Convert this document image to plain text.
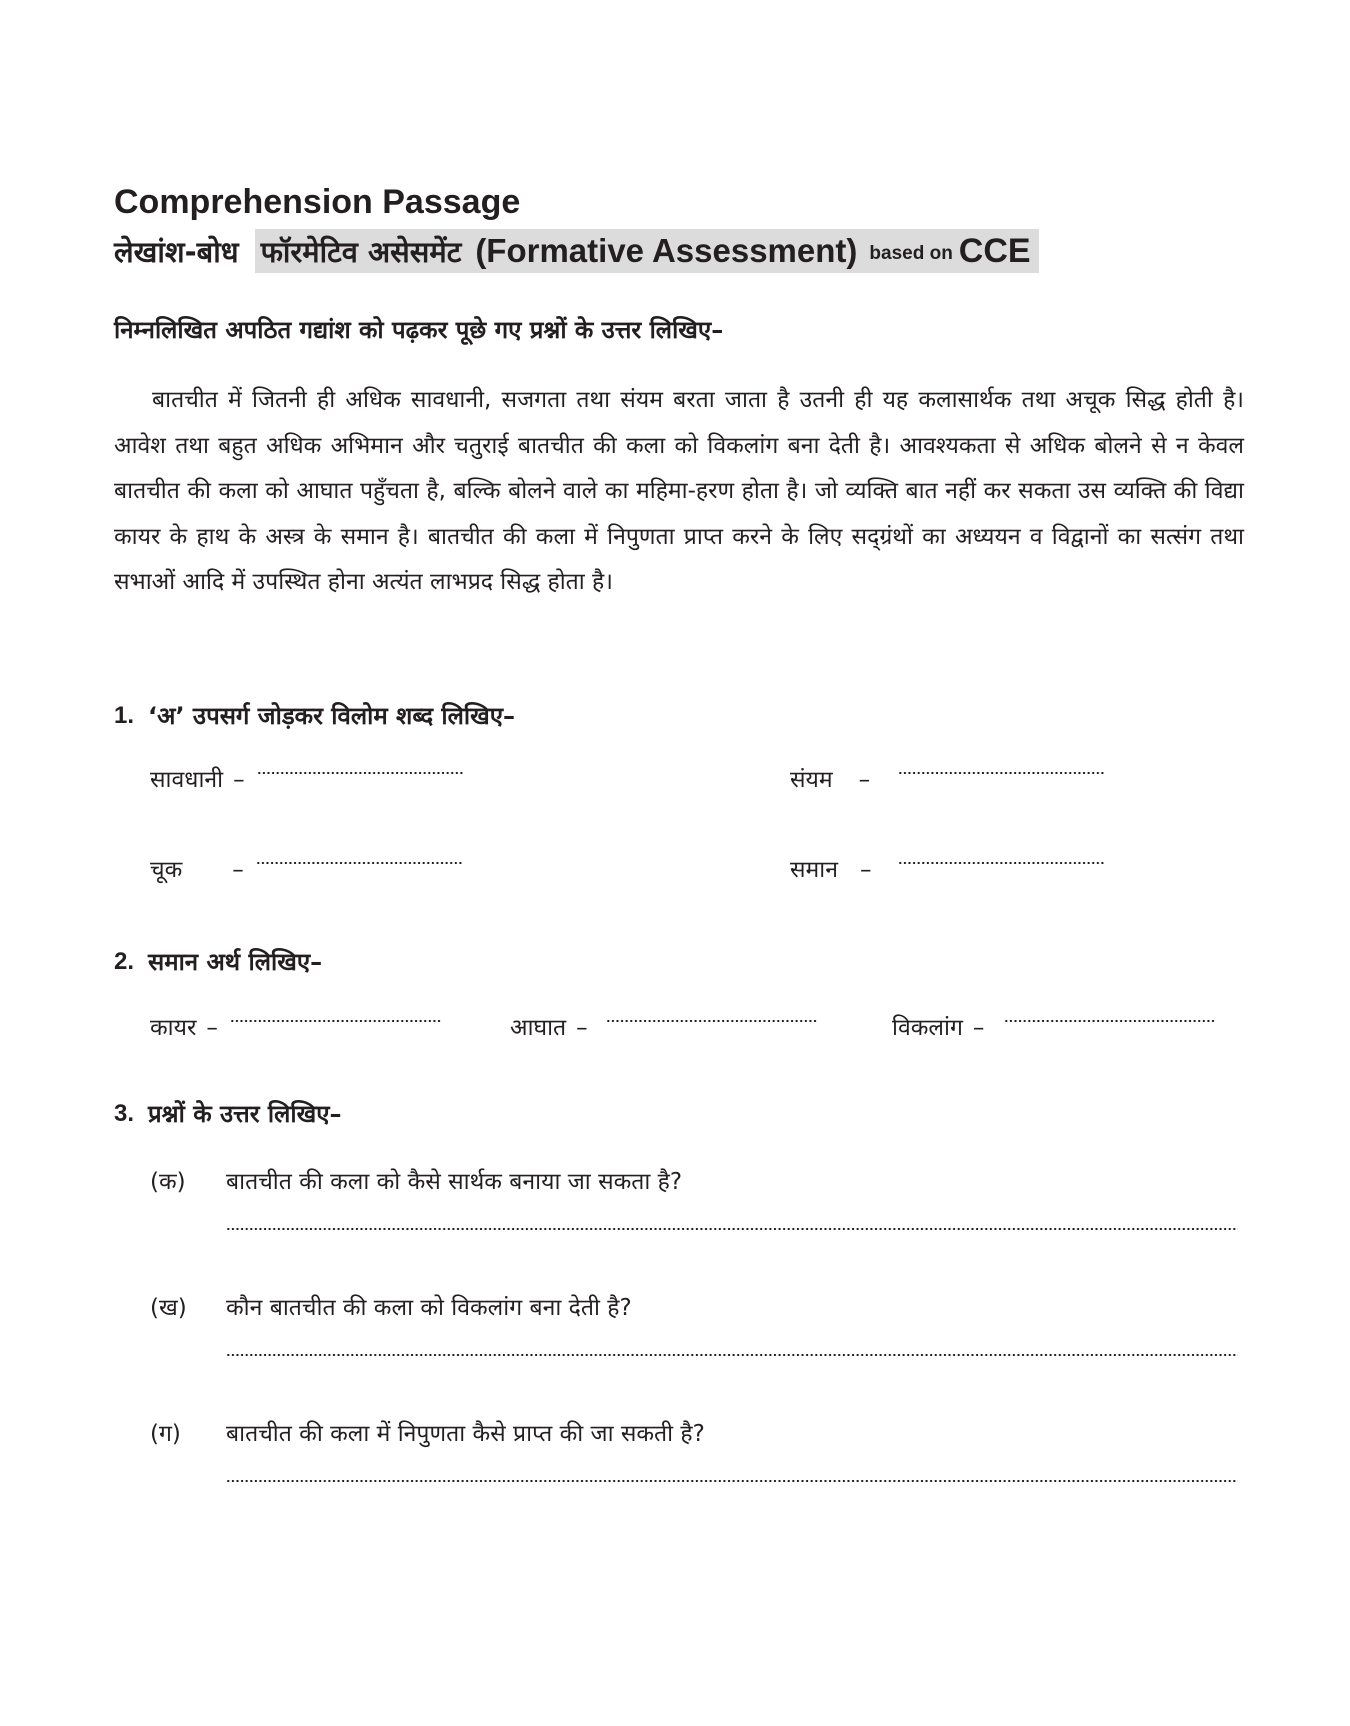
Comprehension Passage
लेखांश-बोध फॉरमेटिव असेसमेंट (Formative Assessment) based on CCE
निम्नलिखित अपठित गद्यांश को पढ़कर पूछे गए प्रश्नों के उत्तर लिखिए–

बातचीत में जितनी ही अधिक सावधानी, सजगता तथा संयम बरता जाता है उतनी ही यह कलासार्थक तथा अचूक सिद्ध होती है। आवेश तथा बहुत अधिक अभिमान और चतुराई बातचीत की कला को विकलांग बना देती है। आवश्यकता से अधिक बोलने से न केवल बातचीत की कला को आघात पहुँचता है, बल्कि बोलने वाले का महिमा-हरण होता है। जो व्यक्ति बात नहीं कर सकता उस व्यक्ति की विद्या कायर के हाथ के अस्त्र के समान है। बातचीत की कला में निपुणता प्राप्त करने के लिए सद्ग्रंथों का अध्ययन व विद्वानों का सत्संग तथा सभाओं आदि में उपस्थित होना अत्यंत लाभप्रद सिद्ध होता है।

1. ‘अ’ उपसर्ग जोड़कर विलोम शब्द लिखिए–
सावधानी –	संयम –
चूक –	समान –
2. समान अर्थ लिखिए–
कायर –	आघात –	विकलांग –
3. प्रश्नों के उत्तर लिखिए–
(क)	बातचीत की कला को कैसे सार्थक बनाया जा सकता है?
(ख)	कौन बातचीत की कला को विकलांग बना देती है?
(ग)	बातचीत की कला में निपुणता कैसे प्राप्त की जा सकती है?
